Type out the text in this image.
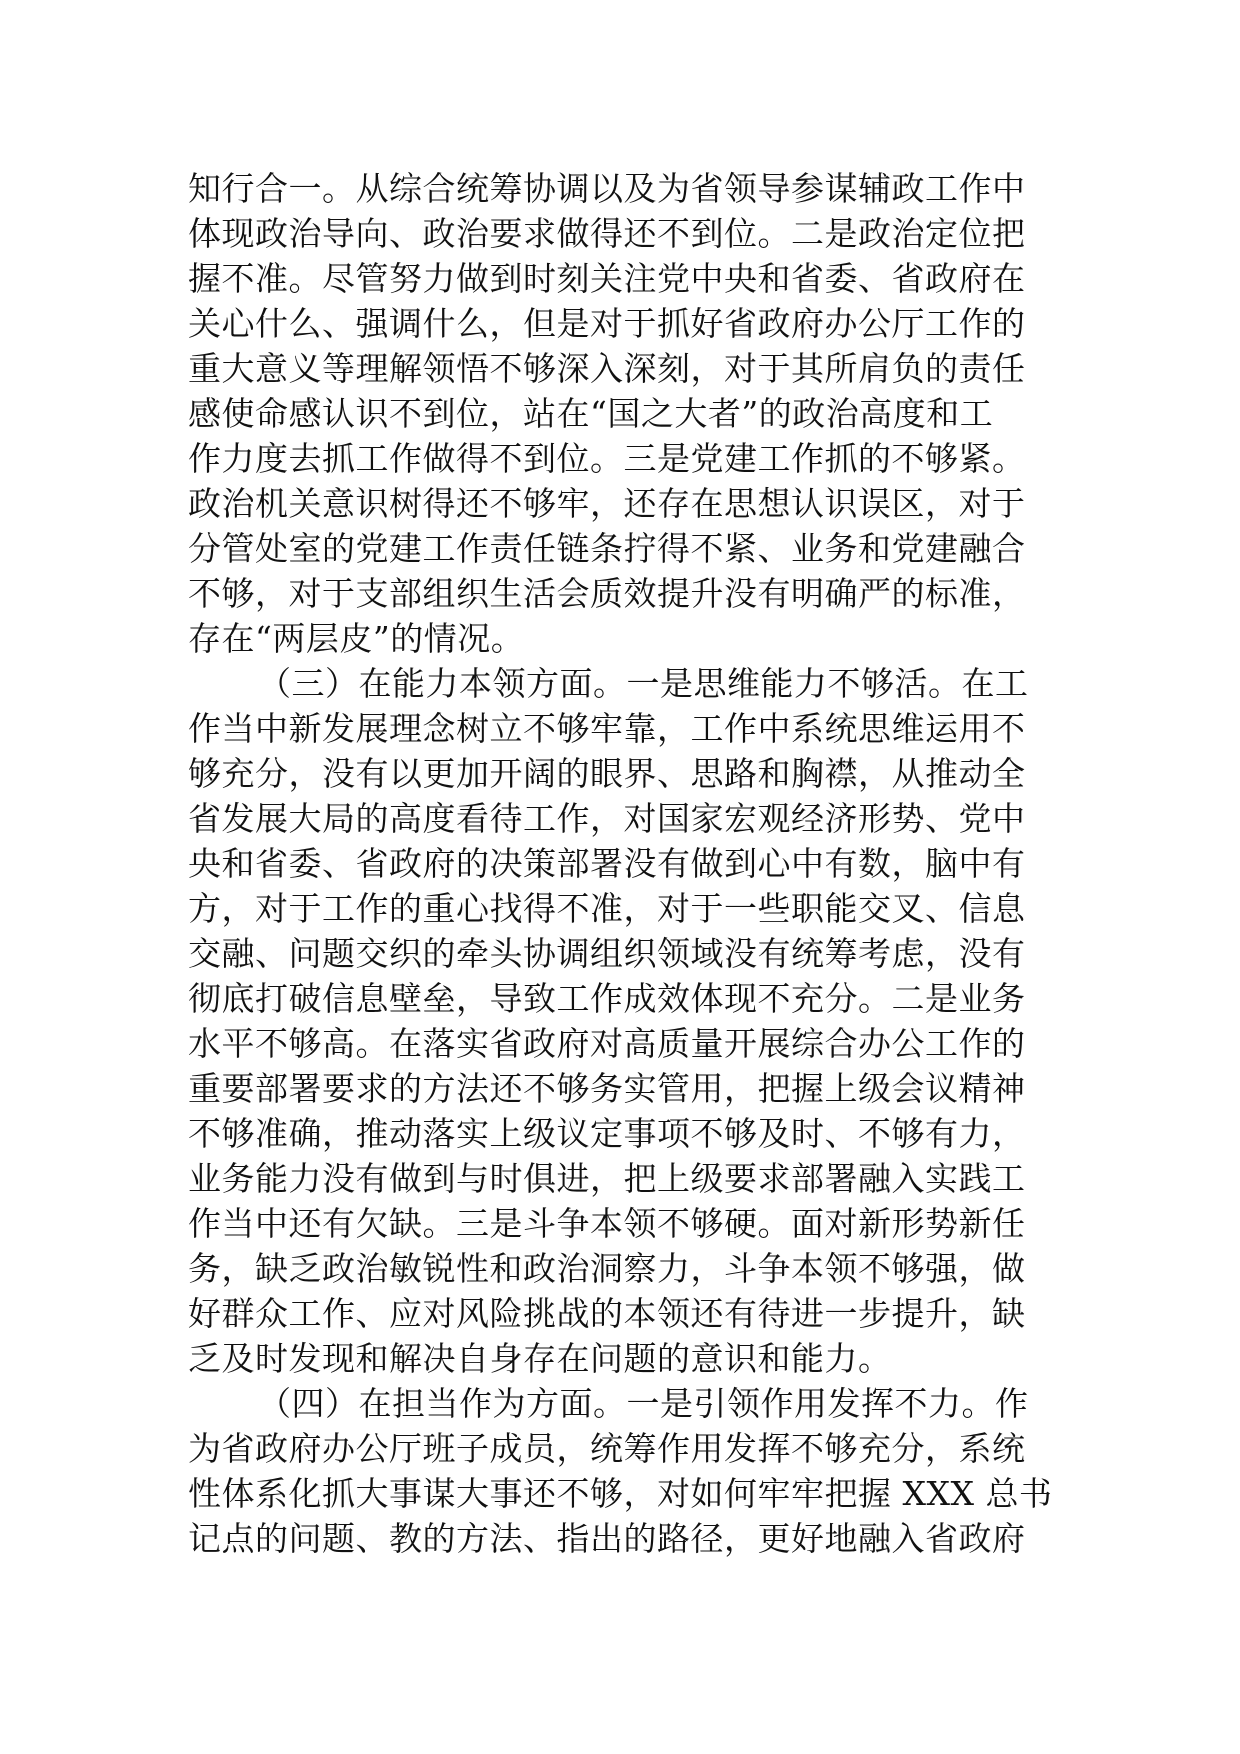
知行合一。从综合统筹协调以及为省领导参谋辅政工作中
体现政治导向、政治要求做得还不到位。二是政治定位把
握不准。尽管努力做到时刻关注党中央和省委、省政府在
关心什么、强调什么，但是对于抓好省政府办公厅工作的
重大意义等理解领悟不够深入深刻，对于其所肩负的责任
感使命感认识不到位，站在“国之大者”的政治高度和工
作力度去抓工作做得不到位。三是党建工作抓的不够紧。
政治机关意识树得还不够牢，还存在思想认识误区，对于
分管处室的党建工作责任链条拧得不紧、业务和党建融合
不够，对于支部组织生活会质效提升没有明确严的标准，
存在“两层皮”的情况。
（三）在能力本领方面。一是思维能力不够活。在工
作当中新发展理念树立不够牢靠，工作中系统思维运用不
够充分，没有以更加开阔的眼界、思路和胸襟，从推动全
省发展大局的高度看待工作，对国家宏观经济形势、党中
央和省委、省政府的决策部署没有做到心中有数，脑中有
方，对于工作的重心找得不准，对于一些职能交叉、信息
交融、问题交织的牵头协调组织领域没有统筹考虑，没有
彻底打破信息壁垒，导致工作成效体现不充分。二是业务
水平不够高。在落实省政府对高质量开展综合办公工作的
重要部署要求的方法还不够务实管用，把握上级会议精神
不够准确，推动落实上级议定事项不够及时、不够有力，
业务能力没有做到与时俱进，把上级要求部署融入实践工
作当中还有欠缺。三是斗争本领不够硬。面对新形势新任
务，缺乏政治敏锐性和政治洞察力，斗争本领不够强，做
好群众工作、应对风险挑战的本领还有待进一步提升，缺
乏及时发现和解决自身存在问题的意识和能力。
（四）在担当作为方面。一是引领作用发挥不力。作
为省政府办公厅班子成员，统筹作用发挥不够充分，系统
性体系化抓大事谋大事还不够，对如何牢牢把握 XXX 总书
记点的问题、教的方法、指出的路径，更好地融入省政府
